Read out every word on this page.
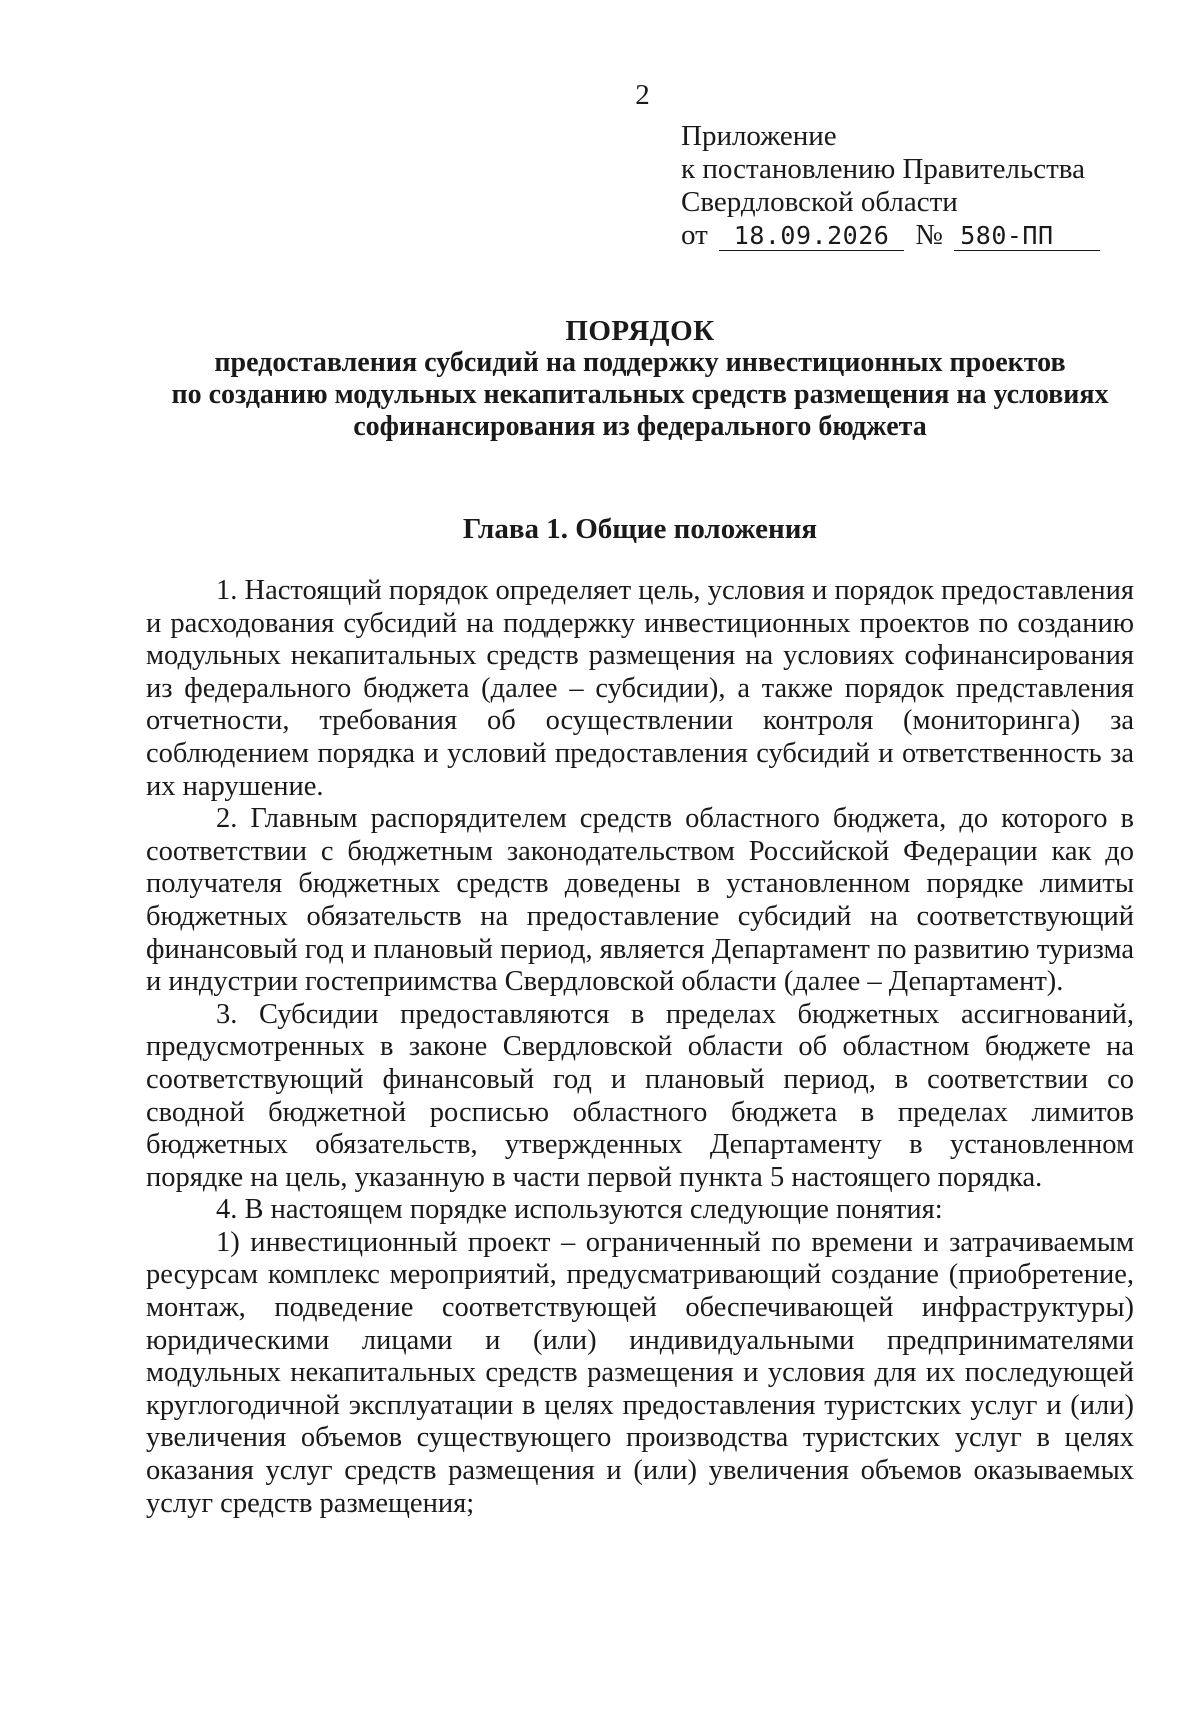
2
Приложение
к постановлению Правительства
Свердловской области
от 18.09.2026 № 580-ПП
ПОРЯДОК
предоставления субсидий на поддержку инвестиционных проектов
по созданию модульных некапитальных средств размещения на условиях
софинансирования из федерального бюджета
Глава 1. Общие положения

1. Настоящий порядок определяет цель, условия и порядок предоставления и расходования субсидий на поддержку инвестиционных проектов по созданию модульных некапитальных средств размещения на условиях софинансирования из федерального бюджета (далее – субсидии), а также порядок представления отчетности, требования об осуществлении контроля (мониторинга) за соблюдением порядка и условий предоставления субсидий и ответственность за их нарушение.

2. Главным распорядителем средств областного бюджета, до которого в соответствии с бюджетным законодательством Российской Федерации как до получателя бюджетных средств доведены в установленном порядке лимиты бюджетных обязательств на предоставление субсидий на соответствующий финансовый год и плановый период, является Департамент по развитию туризма и индустрии гостеприимства Свердловской области (далее – Департамент).

3. Субсидии предоставляются в пределах бюджетных ассигнований, предусмотренных в законе Свердловской области об областном бюджете на соответствующий финансовый год и плановый период, в соответствии со сводной бюджетной росписью областного бюджета в пределах лимитов бюджетных обязательств, утвержденных Департаменту в установленном порядке на цель, указанную в части первой пункта 5 настоящего порядка.

4. В настоящем порядке используются следующие понятия:

1) инвестиционный проект – ограниченный по времени и затрачиваемым ресурсам комплекс мероприятий, предусматривающий создание (приобретение, монтаж, подведение соответствующей обеспечивающей инфраструктуры) юридическими лицами и (или) индивидуальными предпринимателями модульных некапитальных средств размещения и условия для их последующей круглогодичной эксплуатации в целях предоставления туристских услуг и (или) увеличения объемов существующего производства туристских услуг в целях оказания услуг средств размещения и (или) увеличения объемов оказываемых услуг средств размещения;
